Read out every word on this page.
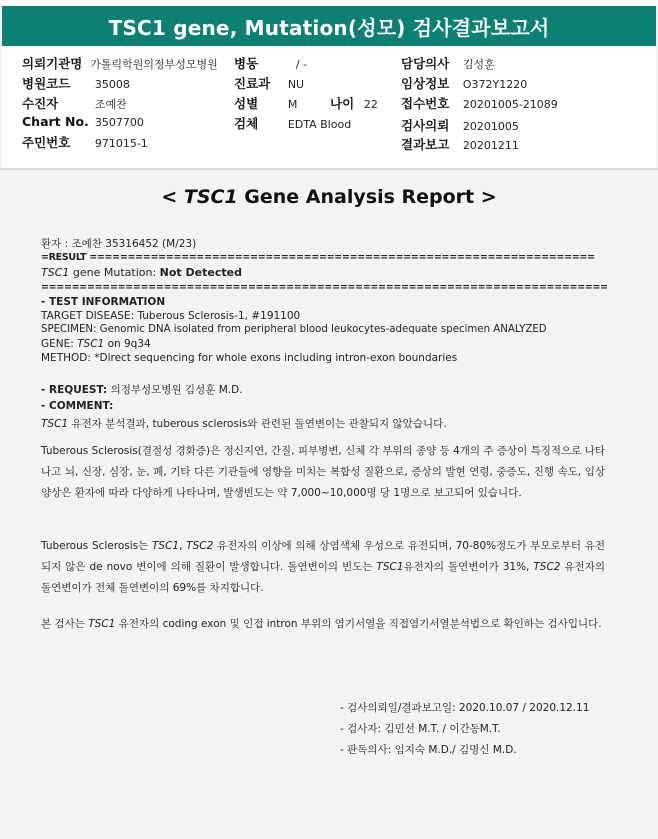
TSC1 gene, Mutation(성모) 검사결과보고서
의뢰기관명 가톨릭학원의정부성모병원
병원코드 35008
수진자	조예찬
Chart No. 3507700
주민번호 971015-1
병동	/ -
진료과 NU
성별	M	나이 22
검체	EDTA Blood
담당의사 김성훈
임상정보 O372Y1220
접수번호 20201005-21089
검사의뢰 20201005
결과보고 20201211
< TSC1 Gene Analysis Report >
환자 : 조예찬 35316452 (M/23)
=RESULT ==================================================================
TSC1 gene Mutation: Not Detected
==========================================================================
- TEST INFORMATION
TARGET DISEASE: Tuberous Sclerosis-1, #191100
SPECIMEN: Genomic DNA isolated from peripheral blood leukocytes-adequate specimen ANALYZED
GENE: TSC1 on 9q34
METHOD: *Direct sequencing for whole exons including intron-exon boundaries
- REQUEST: 의정부성모병원 김성훈 M.D.
- COMMENT:
TSC1 유전자 분석결과, tuberous sclerosis와 관련된 돌연변이는 관찰되지 않았습니다.
Tuberous Sclerosis(결절성 경화증)은 정신지연, 간질, 피부병변, 신체 각 부위의 종양 등 4개의 주 증상이 특징적으로 나타나고 뇌, 신장, 심장, 눈, 폐, 기타 다른 기관들에 영향을 미치는 복합성 질환으로, 증상의 발현 연령, 중증도, 진행 속도, 임상 양상은 환자에 따라 다양하게 나타나며, 발생빈도는 약 7,000~10,000명 당 1명으로 보고되어 있습니다.
Tuberous Sclerosis는 TSC1, TSC2 유전자의 이상에 의해 상염색체 우성으로 유전되며, 70-80%정도가 부모로부터 유전되지 않은 de novo 변이에 의해 질환이 발생합니다. 돌연변이의 빈도는 TSC1유전자의 돌연변이가 31%, TSC2 유전자의 돌연변이가 전체 돌연변이의 69%를 차지합니다.
본 검사는 TSC1 유전자의 coding exon 및 인접 intron 부위의 염기서열을 직접염기서열분석법으로 확인하는 검사입니다.
- 검사의뢰일/결과보고일: 2020.10.07 / 2020.12.11
- 검사자: 김민선 M.T. / 이간동M.T.
- 판독의사: 임지숙 M.D./ 김명신 M.D.
